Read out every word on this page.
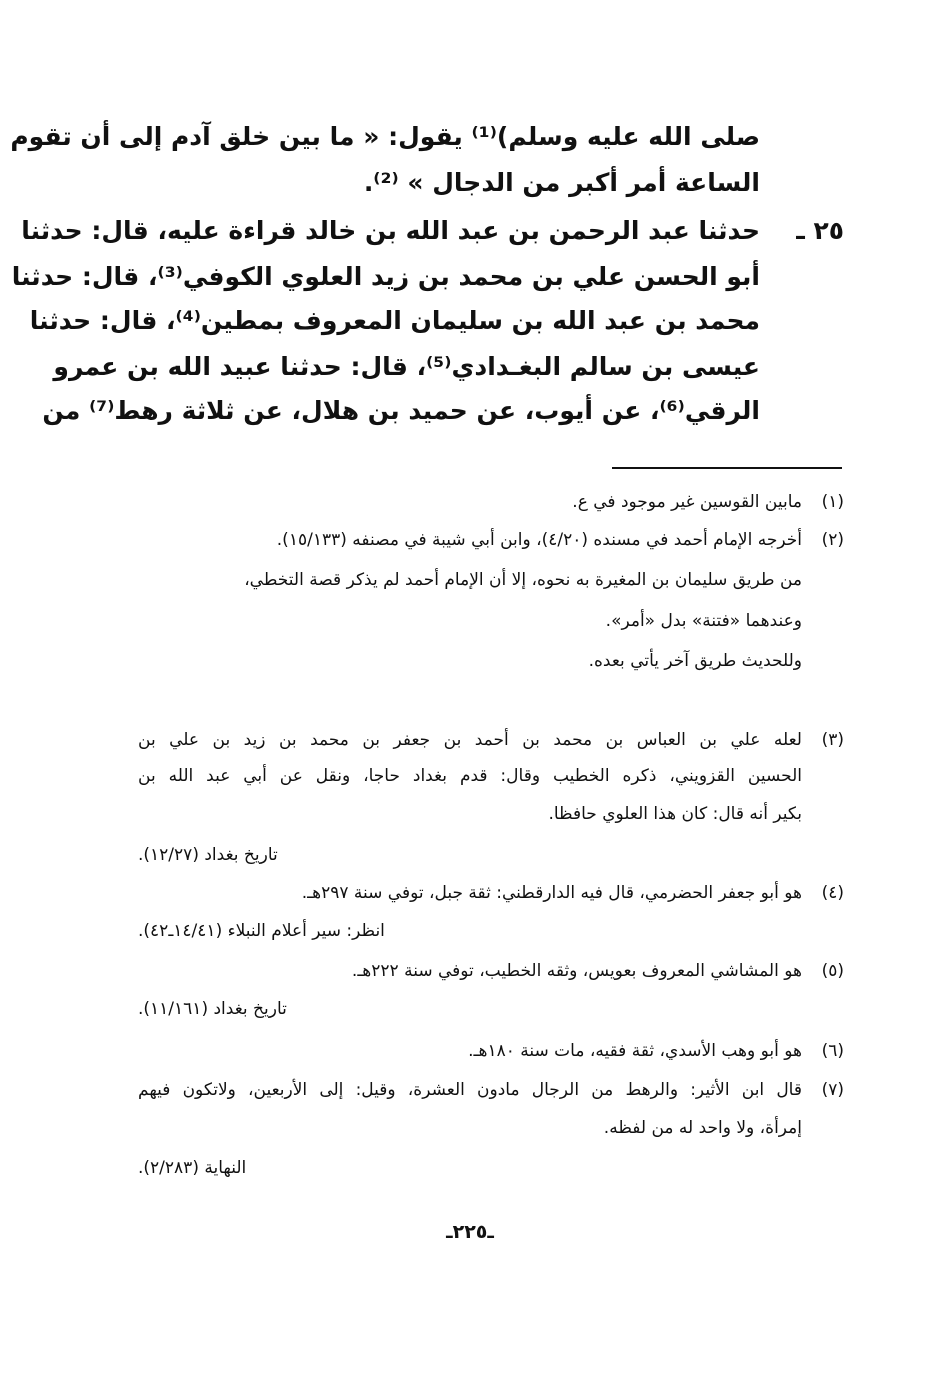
صلى الله عليه وسلم)⁽¹⁾ يقول: « ما بين خلق آدم إلى أن تقوم
الساعة أمر أكبر من الدجال » ⁽²⁾.
٢٥ ـ
حدثنا عبد الرحمن بن عبد الله بن خالد قراءة عليه، قال: حدثنا
أبو الحسن علي بن محمد بن زيد العلوي الكوفي⁽³⁾، قال: حدثنا
محمد بن عبد الله بن سليمان المعروف بمطين⁽⁴⁾، قال: حدثنا
عيسى بن سالم البغـدادي⁽⁵⁾، قال: حدثنا عبيد الله بن عمرو
الرقي⁽⁶⁾، عن أيوب، عن حميد بن هلال، عن ثلاثة رهط⁽⁷⁾ من
(١)
مابين القوسين غير موجود في ع.
(٢)
أخرجه الإمام أحمد في مسنده (٤/٢٠)، وابن أبي شيبة في مصنفه (١٥/١٣٣).
من طريق سليمان بن المغيرة به نحوه، إلا أن الإمام أحمد لم يذكر قصة التخطي،
وعندهما «فتنة» بدل «أمر».
وللحديث طريق آخر يأتي بعده.
(٣)
لعله علي بن العباس بن محمد بن أحمد بن جعفر بن محمد بن زيد بن علي بن
الحسين القزويني، ذكره الخطيب وقال: قدم بغداد حاجا، ونقل عن أبي عبد الله بن
بكير أنه قال: كان هذا العلوي حافظا.
تاريخ بغداد (١٢/٢٧).
(٤)
هو أبو جعفر الحضرمي، قال فيه الدارقطني: ثقة جبل، توفي سنة ٢٩٧هـ.
انظر: سير أعلام النبلاء (١٤/٤١ـ٤٢).
(٥)
هو المشاشي المعروف بعويس، وثقه الخطيب، توفي سنة ٢٢٢هـ.
تاريخ بغداد (١١/١٦١).
(٦)
هو أبو وهب الأسدي، ثقة فقيه، مات سنة ١٨٠هـ.
(٧)
قال ابن الأثير: والرهط من الرجال مادون العشرة، وقيل: إلى الأربعين، ولاتكون فيهم
إمرأة، ولا واحد له من لفظه.
النهاية (٢/٢٨٣).
ـ٢٢٥ـ
